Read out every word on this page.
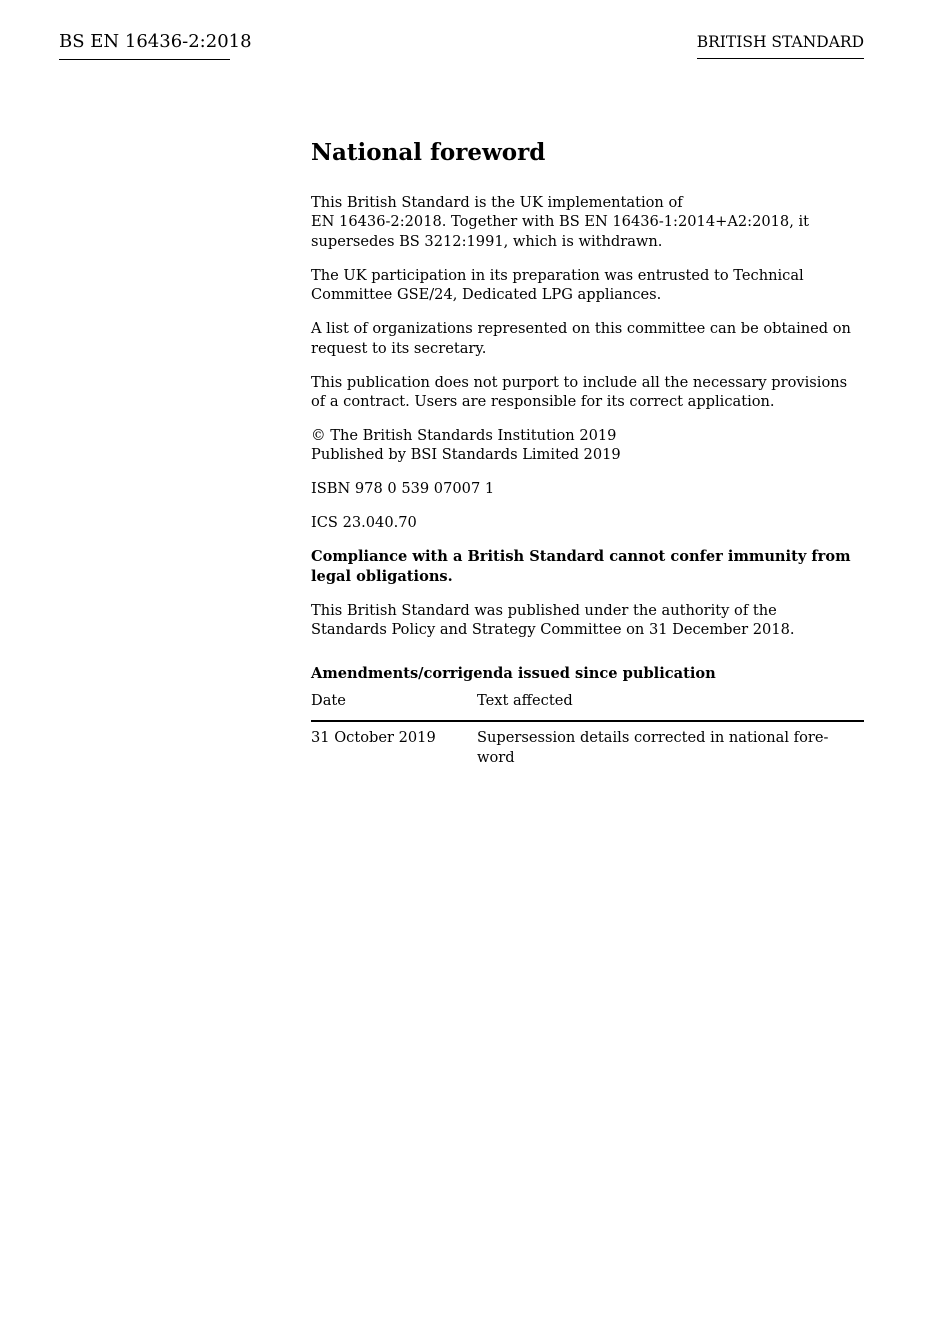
BS EN 16436-2:2018	BRITISH STANDARD
National foreword

This British Standard is the UK implementation of
EN 16436-2:2018. Together with BS EN 16436-1:2014+A2:2018, it
supersedes BS 3212:1991, which is withdrawn.

The UK participation in its preparation was entrusted to Technical
Committee GSE/24, Dedicated LPG appliances.

A list of organizations represented on this committee can be obtained on
request to its secretary.

This publication does not purport to include all the necessary provisions
of a contract. Users are responsible for its correct application.

© The British Standards Institution 2019
Published by BSI Standards Limited 2019

ISBN 978 0 539 07007 1

ICS 23.040.70

Compliance with a British Standard cannot confer immunity from
legal obligations.

This British Standard was published under the authority of the
Standards Policy and Strategy Committee on 31 December 2018.

Amendments/corrigenda issued since publication
Date	Text affected
31 October 2019	Supersession details corrected in national fore-
word
